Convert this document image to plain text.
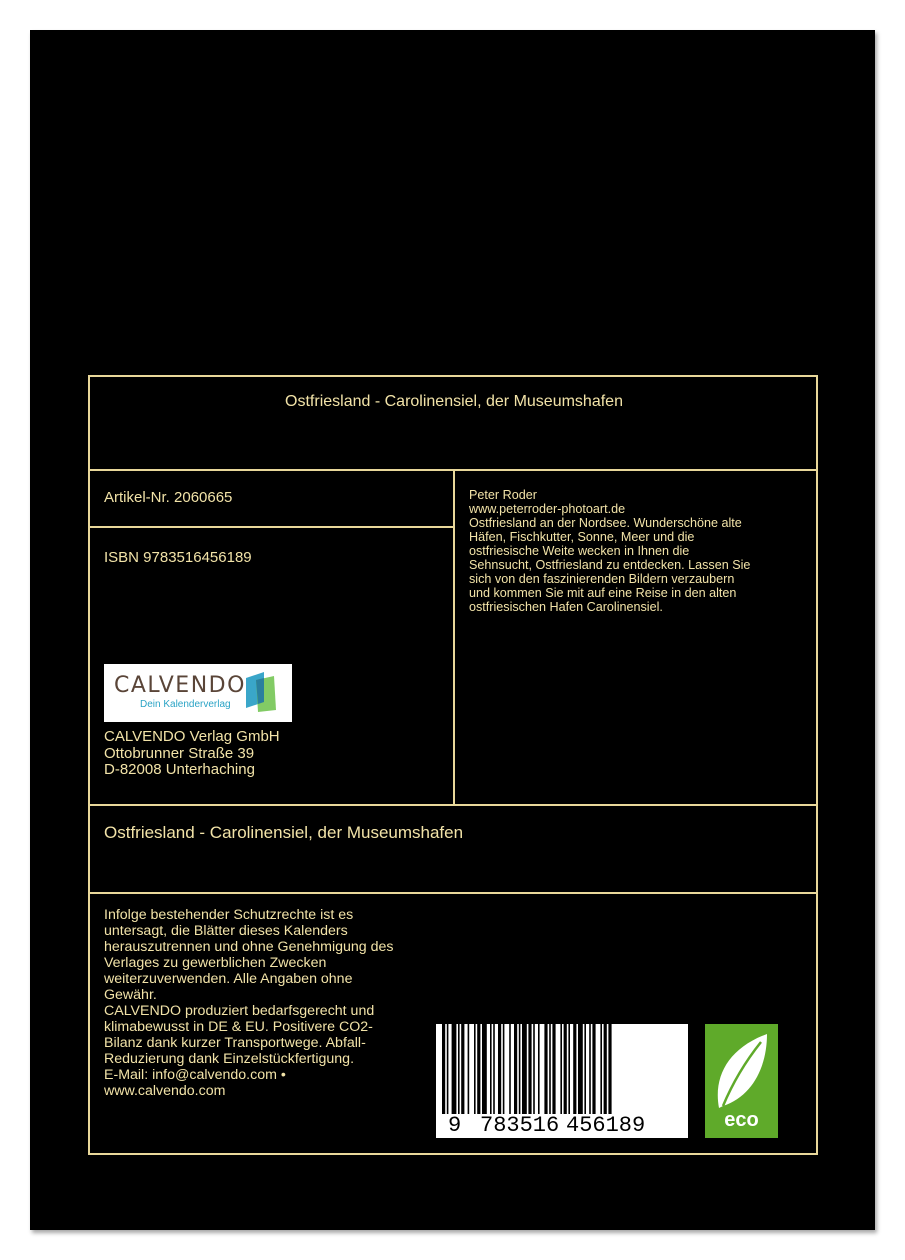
Ostfriesland - Carolinensiel, der Museumshafen

Artikel-Nr. 2060665

ISBN 9783516456189

Peter Roder
www.peterroder-photoart.de
Ostfriesland an der Nordsee. Wunderschöne alte
Häfen, Fischkutter, Sonne, Meer und die
ostfriesische Weite wecken in Ihnen die
Sehnsucht, Ostfriesland zu entdecken. Lassen Sie
sich von den faszinierenden Bildern verzaubern
und kommen Sie mit auf eine Reise in den alten
ostfriesischen Hafen Carolinensiel.

CALVENDO
Dein Kalenderverlag

CALVENDO Verlag GmbH
Ottobrunner Straße 39
D-82008 Unterhaching

Ostfriesland - Carolinensiel, der Museumshafen

Infolge bestehender Schutzrechte ist es
untersagt, die Blätter dieses Kalenders
herauszutrennen und ohne Genehmigung des
Verlages zu gewerblichen Zwecken
weiterzuverwenden. Alle Angaben ohne
Gewähr.
CALVENDO produziert bedarfsgerecht und
klimabewusst in DE & EU. Positivere CO2-
Bilanz dank kurzer Transportwege. Abfall-
Reduzierung dank Einzelstückfertigung.
E-Mail: info@calvendo.com •
www.calvendo.com

9 783516 456189	eco
